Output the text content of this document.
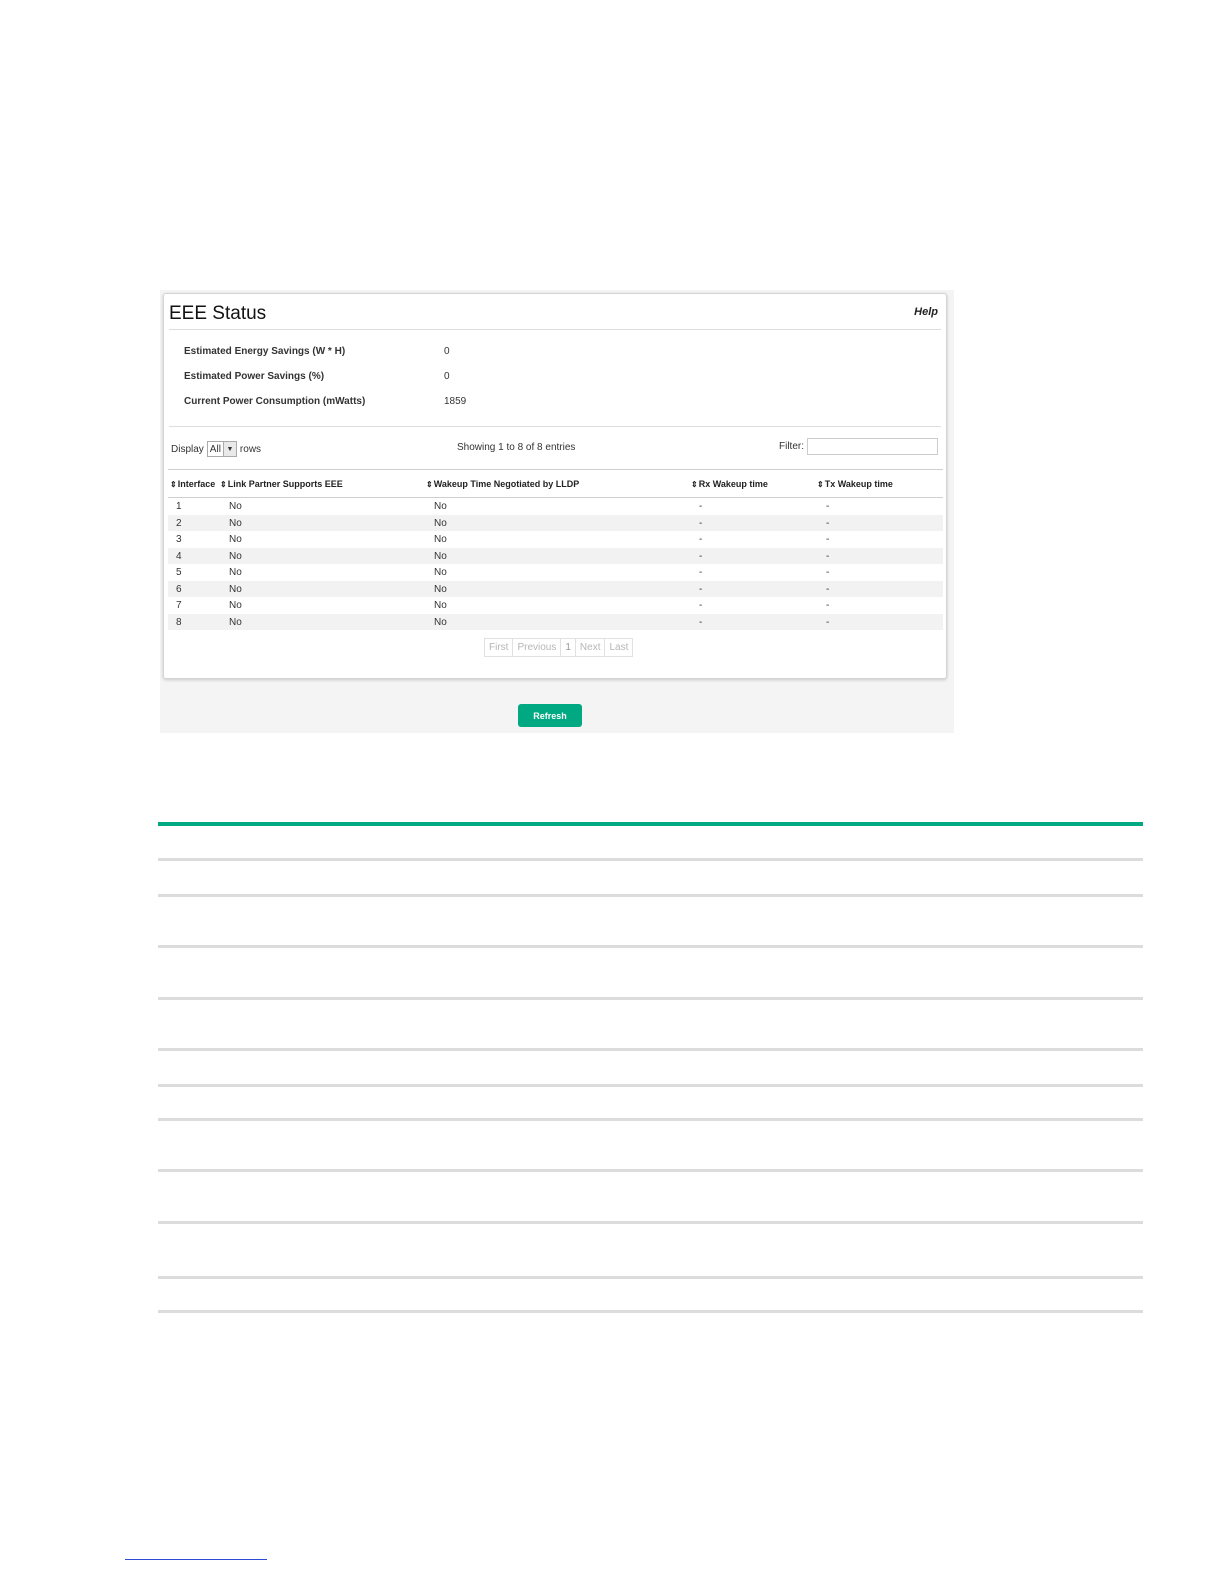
EEE Status	Help
Estimated Energy Savings (W * H)	0
Estimated Power Savings (%)	0
Current Power Consumption (mWatts)	1859
Display All ▼ rows	Showing 1 to 8 of 8 entries	Filter:
⇕Interface ⇕Link Partner Supports EEE	⇕Wakeup Time Negotiated by LLDP	⇕Rx Wakeup time	⇕Tx Wakeup time
1	No	No	-	-
2	No	No	-	-
3	No	No	-	-
4	No	No	-	-
5	No	No	-	-
6	No	No	-	-
7	No	No	-	-
8	No	No	-	-
First Previous 1 Next Last
Refresh
